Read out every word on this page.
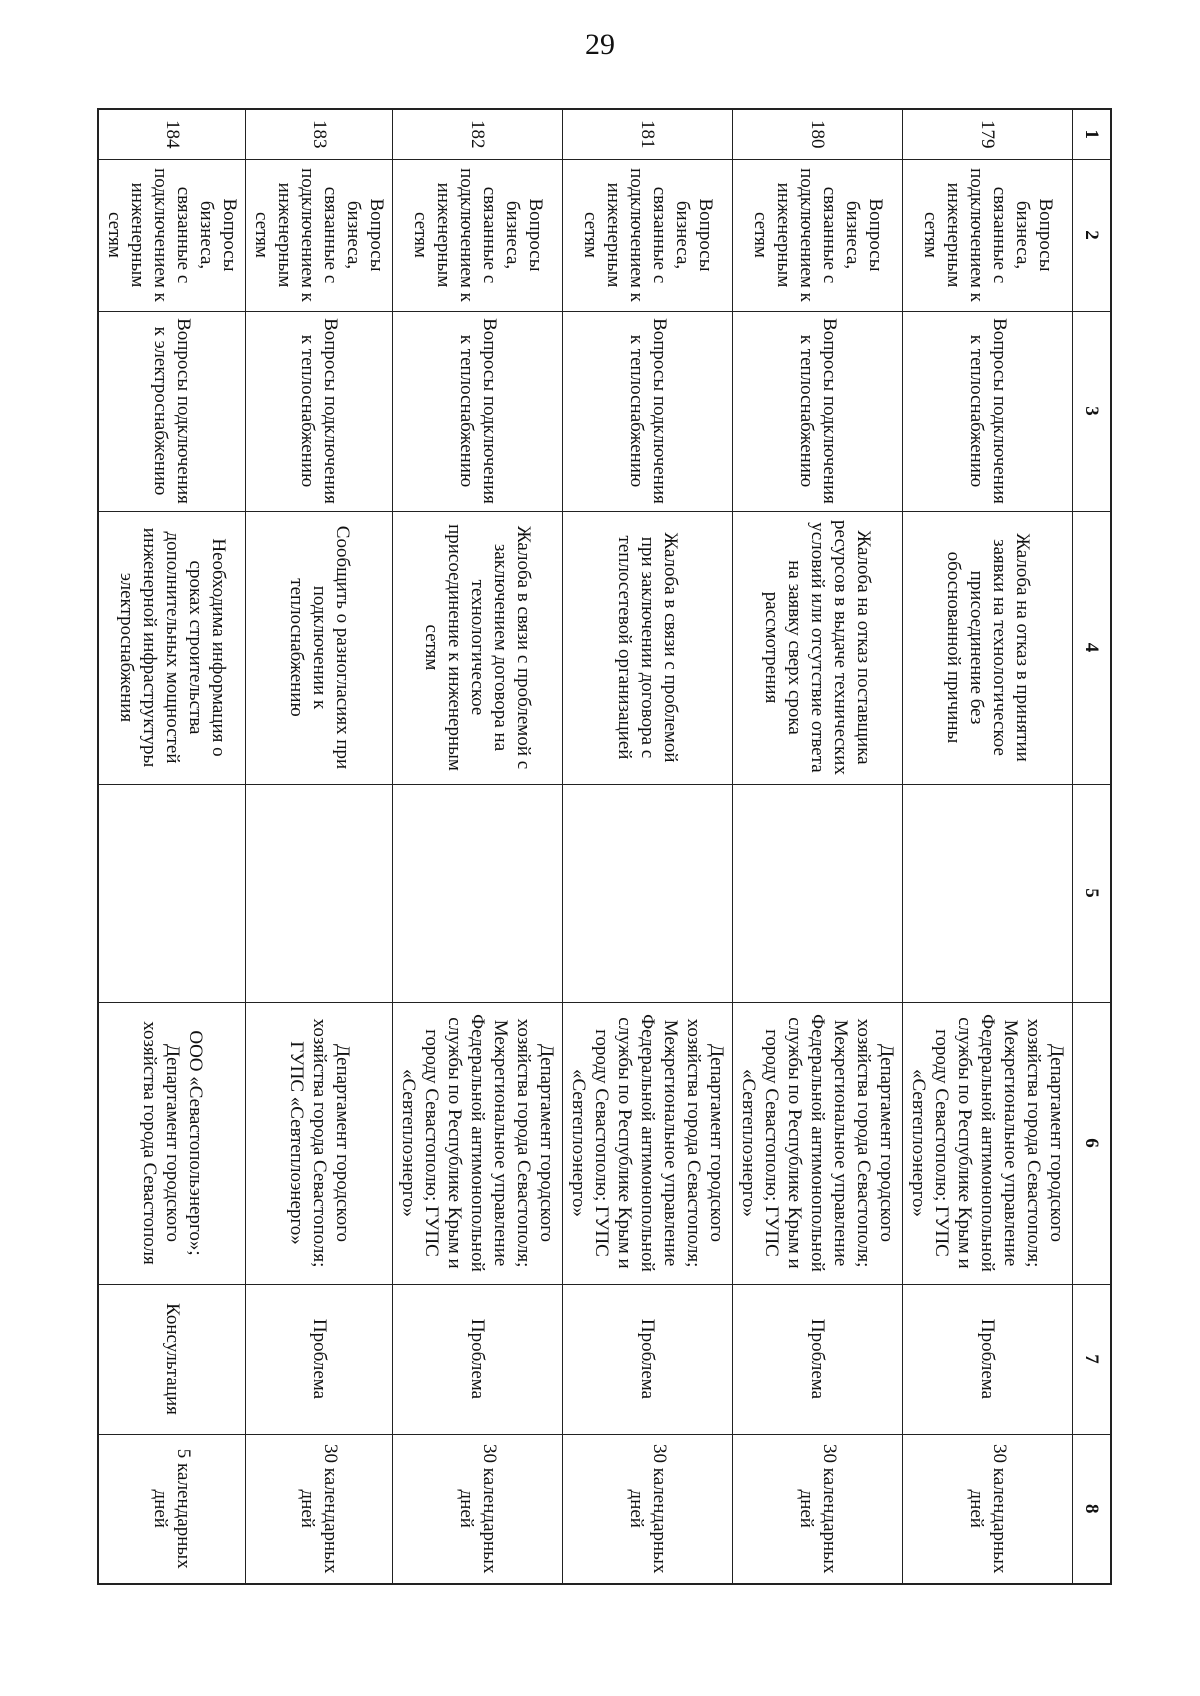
29
1	2	3	4	5	6	7	8
179	Вопросы бизнеса, связанные с подключением к инженерным сетям	Вопросы подключения к теплоснабжению	Жалоба на отказ в принятии заявки на технологическое присоединение без обоснованной причины		Департамент городского хозяйства города Севастополя; Межрегиональное управление Федеральной антимонопольной службы по Республике Крым и городу Севастополю; ГУПС «Севтеплоэнерго»	Проблема	30 календарных дней
180	Вопросы бизнеса, связанные с подключением к инженерным сетям	Вопросы подключения к теплоснабжению	Жалоба на отказ поставщика ресурсов в выдаче технических условий или отсутствие ответа на заявку сверх срока рассмотрения		Департамент городского хозяйства города Севастополя; Межрегиональное управление Федеральной антимонопольной службы по Республике Крым и городу Севастополю; ГУПС «Севтеплоэнерго»	Проблема	30 календарных дней
181	Вопросы бизнеса, связанные с подключением к инженерным сетям	Вопросы подключения к теплоснабжению	Жалоба в связи с проблемой при заключении договора с теплосетевой организацией		Департамент городского хозяйства города Севастополя; Межрегиональное управление Федеральной антимонопольной службы по Республике Крым и городу Севастополю; ГУПС «Севтеплоэнерго»	Проблема	30 календарных дней
182	Вопросы бизнеса, связанные с подключением к инженерным сетям	Вопросы подключения к теплоснабжению	Жалоба в связи с проблемой с заключением договора на технологическое присоединение к инженерным сетям		Департамент городского хозяйства города Севастополя; Межрегиональное управление Федеральной антимонопольной службы по Республике Крым и городу Севастополю; ГУПС «Севтеплоэнерго»	Проблема	30 календарных дней
183	Вопросы бизнеса, связанные с подключением к инженерным сетям	Вопросы подключения к теплоснабжению	Сообщить о разногласиях при подключении к теплоснабжению		Департамент городского хозяйства города Севастополя; ГУПС «Севтеплоэнерго»	Проблема	30 календарных дней
184	Вопросы бизнеса, связанные с подключением к инженерным сетям	Вопросы подключения к электроснабжению	Необходима информация о сроках строительства дополнительных мощностей инженерной инфраструктуры электроснабжения		ООО «Севастопольэнерго»; Департамент городского хозяйства города Севастополя	Консультация	5 календарных дней
